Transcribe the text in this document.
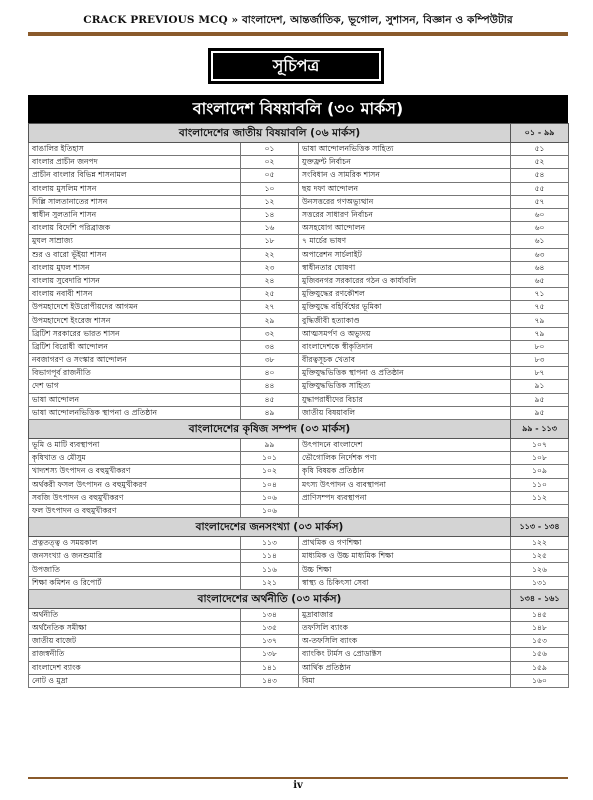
CRACK PREVIOUS MCQ » বাংলাদেশ, আন্তর্জাতিক, ভূগোল, সুশাসন, বিজ্ঞান ও কম্পিউটার
সূচিপত্র
বাংলাদেশ বিষয়াবলি (৩০ মার্কস)
বাংলাদেশের জাতীয় বিষয়াবলি (০৬ মার্কস)			০১ - ৯৯
বাঙালির ইতিহাস	০১	ভাষা আন্দোলনভিত্তিক সাহিত্য	৫১
বাংলার প্রাচীন জনপদ	০২	যুক্তফ্রন্ট নির্বাচন	৫২
প্রাচীন বাংলার বিভিন্ন শাসনামল	০৫	সংবিধান ও সামরিক শাসন	৫৪
বাংলায় মুসলিম শাসন	১০	ছয় দফা আন্দোলন	৫৫
দিল্লি সালতানাতের শাসন	১২	উনসত্তরের গণঅভ্যুত্থান	৫৭
স্বাধীন সুলতানি শাসন	১৪	সত্তরের সাধারণ নির্বাচন	৬০
বাংলায় বিদেশি পরিব্রাজক	১৬	অসহযোগ আন্দোলন	৬০
মুঘল সাম্রাজ্য	১৮	৭ মার্চের ভাষণ	৬১
শুর ও বারো ভূঁইয়া শাসন	২২	অপারেশন সার্চলাইট	৬৩
বাংলায় মুঘল শাসন	২৩	স্বাধীনতার ঘোষণা	৬৪
বাংলায় সুবেদারি শাসন	২৪	মুজিবনগর সরকারের গঠন ও কার্যাবলি	৬৫
বাংলায় নবাবী শাসন	২৫	মুক্তিযুদ্ধের রণকৌশল	৭১
উপমহাদেশে ইউরোপীয়দের আগমন	২৭	মুক্তিযুদ্ধে বহির্বিশ্বের ভূমিকা	৭৫
উপমহাদেশে ইংরেজ শাসন	২৯	বুদ্ধিজীবী হত্যাকাণ্ড	৭৯
ব্রিটিশ সরকারের ভারত শাসন	৩২	আত্মসমর্পণ ও অভ্যুদয়	৭৯
ব্রিটিশ বিরোধী আন্দোলন	৩৪	বাংলাদেশকে স্বীকৃতিদান	৮০
নবজাগরণ ও সংস্কার আন্দোলন	৩৮	বীরত্বসূচক খেতাব	৮৩
বিভাগপূর্ব রাজনীতি	৪০	মুক্তিযুদ্ধভিত্তিক স্থাপনা ও প্রতিষ্ঠান	৮৭
দেশ ভাগ	৪৪	মুক্তিযুদ্ধভিত্তিক সাহিত্য	৯১
ভাষা আন্দোলন	৪৫	যুদ্ধাপরাধীদের বিচার	৯৫
ভাষা আন্দোলনভিত্তিক স্থাপনা ও প্রতিষ্ঠান	৪৯	জাতীয় বিষয়াবলি	৯৫
বাংলাদেশের কৃষিজ সম্পদ (০৩ মার্কস)			৯৯ - ১১৩
ভূমি ও মাটি ব্যবস্থাপনা	৯৯	উৎপাদনে বাংলাদেশ	১০৭
কৃষিখাত ও মৌসুম	১০১	ভৌগোলিক নির্দেশক পণ্য	১০৮
খাদ্যশস্য উৎপাদন ও বহুমুখীকরণ	১০২	কৃষি বিষয়ক প্রতিষ্ঠান	১০৯
অর্থকরী ফসল উৎপাদন ও বহুমুখীকরণ	১০৪	মৎস্য উৎপাদন ও ব্যবস্থাপনা	১১০
সবজি উৎপাদন ও বহুমুখীকরণ	১০৬	প্রাণিসম্পদ ব্যবস্থাপনা	১১২
ফল উৎপাদন ও বহুমুখীকরণ	১০৬		
বাংলাদেশের জনসংখ্যা (০৩ মার্কস)			১১৩ - ১৩৪
প্রত্নতত্ত্ব ও সময়কাল	১১৩	প্রাথমিক ও গণশিক্ষা	১২২
জনসংখ্যা ও জনশুমারি	১১৪	মাধ্যমিক ও উচ্চ মাধ্যমিক শিক্ষা	১২৫
উপজাতি	১১৬	উচ্চ শিক্ষা	১২৬
শিক্ষা কমিশন ও রিপোর্ট	১২১	স্বাস্থ্য ও চিকিৎসা সেবা	১৩১
বাংলাদেশের অর্থনীতি (০৩ মার্কস)			১৩৪ - ১৬১
অর্থনীতি	১৩৪	মুদ্রাবাজার	১৪৫
অর্থনৈতিক সমীক্ষা	১৩৫	তফসিলি ব্যাংক	১৪৮
জাতীয় বাজেট	১৩৭	অ-তফসিলি ব্যাংক	১৫৩
রাজস্বনীতি	১৩৮	ব্যাংকিং টার্মস ও প্রোডাক্টস	১৫৬
বাংলাদেশ ব্যাংক	১৪১	আর্থিক প্রতিষ্ঠান	১৫৯
নোট ও মুদ্রা	১৪৩	বিমা	১৬০
iv
